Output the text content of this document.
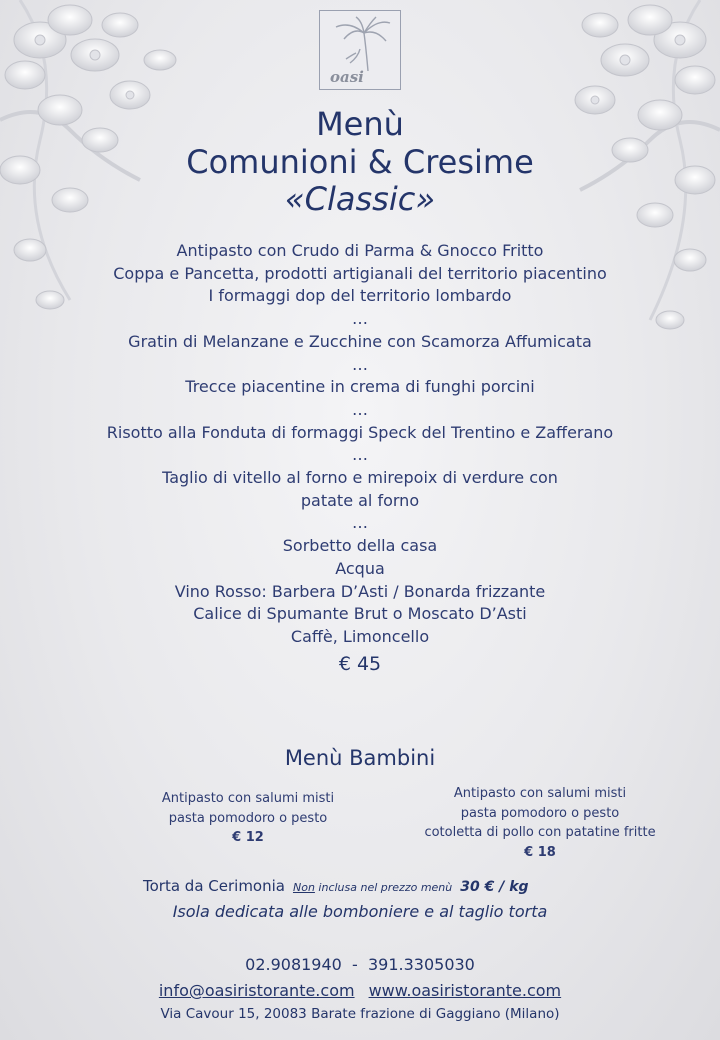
oasi
Menù
Comunioni & Cresime
«Classic»
Antipasto con Crudo di Parma & Gnocco Fritto
Coppa e Pancetta, prodotti artigianali del territorio piacentino
I formaggi dop del territorio lombardo
…
Gratin di Melanzane e Zucchine con Scamorza Affumicata
…
Trecce piacentine in crema di funghi porcini
…
Risotto alla Fonduta di formaggi Speck del Trentino e Zafferano
…
Taglio di vitello al forno e mirepoix di verdure con
patate al forno
…
Sorbetto della casa
Acqua
Vino Rosso: Barbera D’Asti / Bonarda frizzante
Calice di Spumante Brut o Moscato D’Asti
Caffè, Limoncello
€ 45
Menù Bambini
Antipasto con salumi misti
pasta pomodoro o pesto
€ 12
Antipasto con salumi misti
pasta pomodoro o pesto
cotoletta di pollo con patatine fritte
€ 18
Torta da Cerimonia Non inclusa nel prezzo menù 30 € / kg
Isola dedicata alle bomboniere e al taglio torta
02.9081940 - 391.3305030
info@oasiristorante.com www.oasiristorante.com
Via Cavour 15, 20083 Barate frazione di Gaggiano (Milano)
